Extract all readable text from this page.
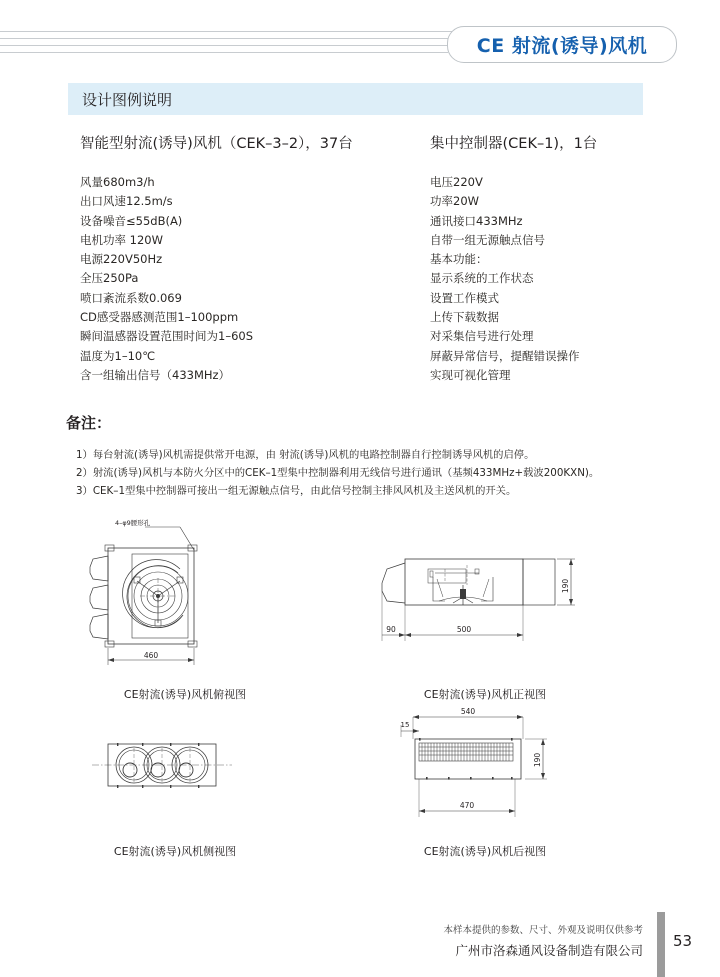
CE 射流(诱导)风机
设计图例说明
智能型射流(诱导)风机（CEK–3–2），37台
风量680m3/h
出口风速12.5m/s
设备噪音≤55dB(A)
电机功率 120W
电源220V50Hz
全压250Pa
喷口紊流系数0.069
CD感受器感测范围1–100ppm
瞬间温感器设置范围时间为1–60S
温度为1–10℃
含一组输出信号（433MHz）
集中控制器(CEK–1)，1台
电压220V
功率20W
通讯接口433MHz
自带一组无源触点信号
基本功能：
显示系统的工作状态
设置工作模式
上传下载数据
对采集信号进行处理
屏蔽异常信号，提醒错误操作
实现可视化管理
备注：
1）每台射流(诱导)风机需提供常开电源，由 射流(诱导)风机的电路控制器自行控制诱导风机的启停。
2）射流(诱导)风机与本防火分区中的CEK–1型集中控制器利用无线信号进行通讯（基频433MHz+载波200KXN)。
3）CEK–1型集中控制器可接出一组无源触点信号，由此信号控制主排风风机及主送风机的开关。
460
4–φ9腰形孔
CE射流(诱导)风机俯视图
190
500
90
CE射流(诱导)风机正视图
CE射流(诱导)风机侧视图
540
15
190
470
CE射流(诱导)风机后视图
本样本提供的参数、尺寸、外观及说明仅供参考
广州市洛森通风设备制造有限公司
53
